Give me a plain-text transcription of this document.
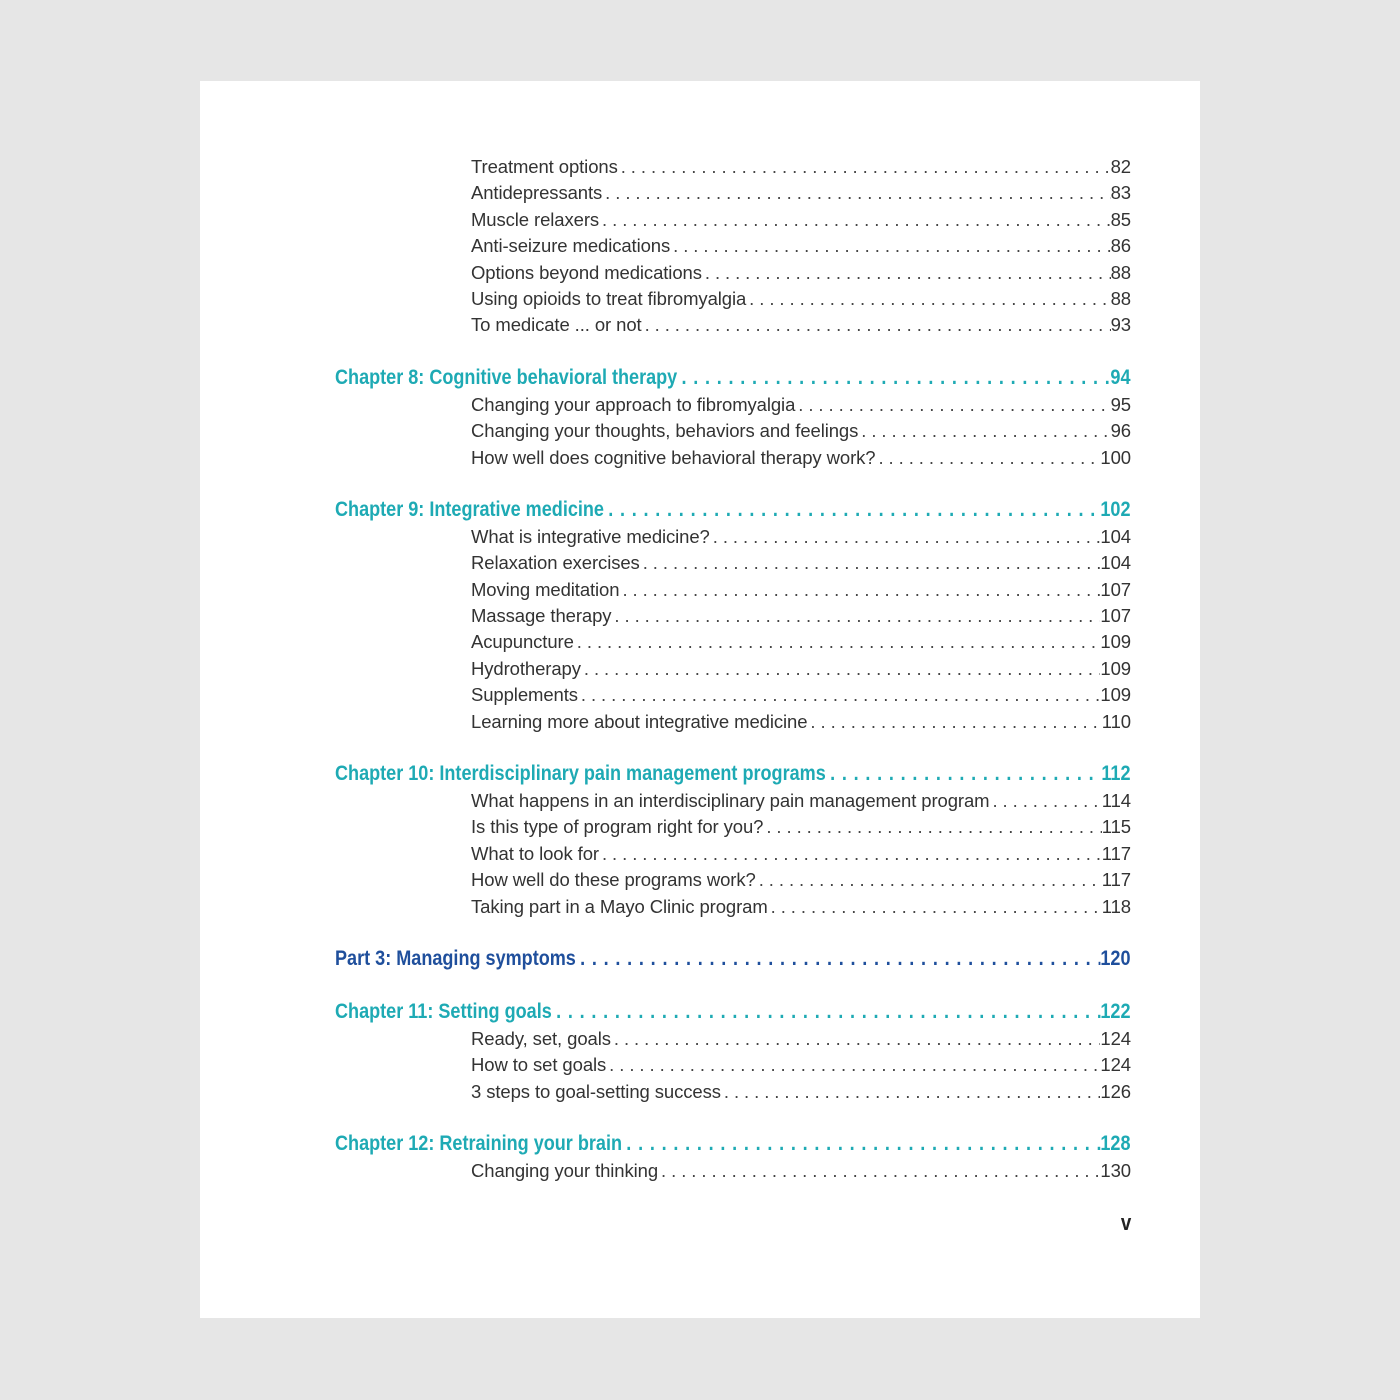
Treatment options . . .	82
Antidepressants . . .	83
Muscle relaxers . . .	85
Anti-seizure medications . . .	86
Options beyond medications . . .	88
Using opioids to treat fibromyalgia . . .	88
To medicate ... or not . . .	93
Chapter 8: Cognitive behavioral therapy . . .	94
Changing your approach to fibromyalgia . . .	95
Changing your thoughts, behaviors and feelings . . .	96
How well does cognitive behavioral therapy work? . . .	100
Chapter 9: Integrative medicine . . .	102
What is integrative medicine? . . .	104
Relaxation exercises . . .	104
Moving meditation . . .	107
Massage therapy . . .	107
Acupuncture . . .	109
Hydrotherapy . . .	109
Supplements . . .	109
Learning more about integrative medicine . . .	110
Chapter 10: Interdisciplinary pain management programs . . .	112
What happens in an interdisciplinary pain management program . . .	114
Is this type of program right for you? . . .	115
What to look for . . .	117
How well do these programs work? . . .	117
Taking part in a Mayo Clinic program . . .	118
Part 3: Managing symptoms . . .	120
Chapter 11: Setting goals . . .	122
Ready, set, goals . . .	124
How to set goals . . .	124
3 steps to goal-setting success . . .	126
Chapter 12: Retraining your brain . . .	128
Changing your thinking . . .	130
v
